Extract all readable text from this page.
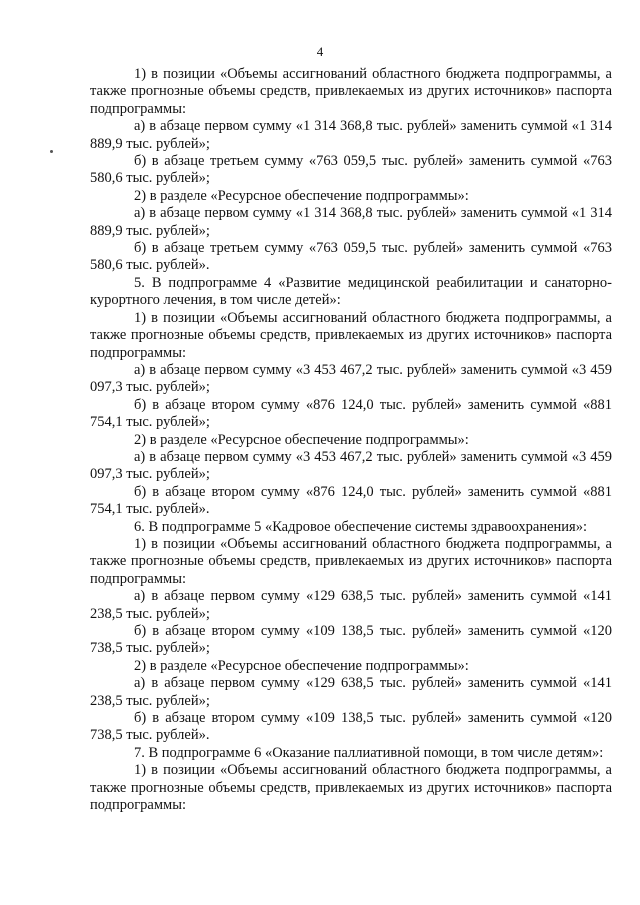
4

1) в позиции «Объемы ассигнований областного бюджета подпрограммы, а также прогнозные объемы средств, привлекаемых из других источников» паспорта подпрограммы:

а) в абзаце первом сумму «1 314 368,8 тыс. рублей» заменить суммой «1 314 889,9 тыс. рублей»;

б) в абзаце третьем сумму «763 059,5 тыс. рублей» заменить суммой «763 580,6 тыс. рублей»;

2) в разделе «Ресурсное обеспечение подпрограммы»:

а) в абзаце первом сумму «1 314 368,8 тыс. рублей» заменить суммой «1 314 889,9 тыс. рублей»;

б) в абзаце третьем сумму «763 059,5 тыс. рублей» заменить суммой «763 580,6 тыс. рублей».

5. В подпрограмме 4 «Развитие медицинской реабилитации и санаторно-курортного лечения, в том числе детей»:

1) в позиции «Объемы ассигнований областного бюджета подпрограммы, а также прогнозные объемы средств, привлекаемых из других источников» паспорта подпрограммы:

а) в абзаце первом сумму «3 453 467,2 тыс. рублей» заменить суммой «3 459 097,3 тыс. рублей»;

б) в абзаце втором сумму «876 124,0 тыс. рублей» заменить суммой «881 754,1 тыс. рублей»;

2) в разделе «Ресурсное обеспечение подпрограммы»:

а) в абзаце первом сумму «3 453 467,2 тыс. рублей» заменить суммой «3 459 097,3 тыс. рублей»;

б) в абзаце втором сумму «876 124,0 тыс. рублей» заменить суммой «881 754,1 тыс. рублей».

6. В подпрограмме 5 «Кадровое обеспечение системы здравоохранения»:

1) в позиции «Объемы ассигнований областного бюджета подпрограммы, а также прогнозные объемы средств, привлекаемых из других источников» паспорта подпрограммы:

а) в абзаце первом сумму «129 638,5 тыс. рублей» заменить суммой «141 238,5 тыс. рублей»;

б) в абзаце втором сумму «109 138,5 тыс. рублей» заменить суммой «120 738,5 тыс. рублей»;

2) в разделе «Ресурсное обеспечение подпрограммы»:

а) в абзаце первом сумму «129 638,5 тыс. рублей» заменить суммой «141 238,5 тыс. рублей»;

б) в абзаце втором сумму «109 138,5 тыс. рублей» заменить суммой «120 738,5 тыс. рублей».

7. В подпрограмме 6 «Оказание паллиативной помощи, в том числе детям»:

1) в позиции «Объемы ассигнований областного бюджета подпрограммы, а также прогнозные объемы средств, привлекаемых из других источников» паспорта подпрограммы:
